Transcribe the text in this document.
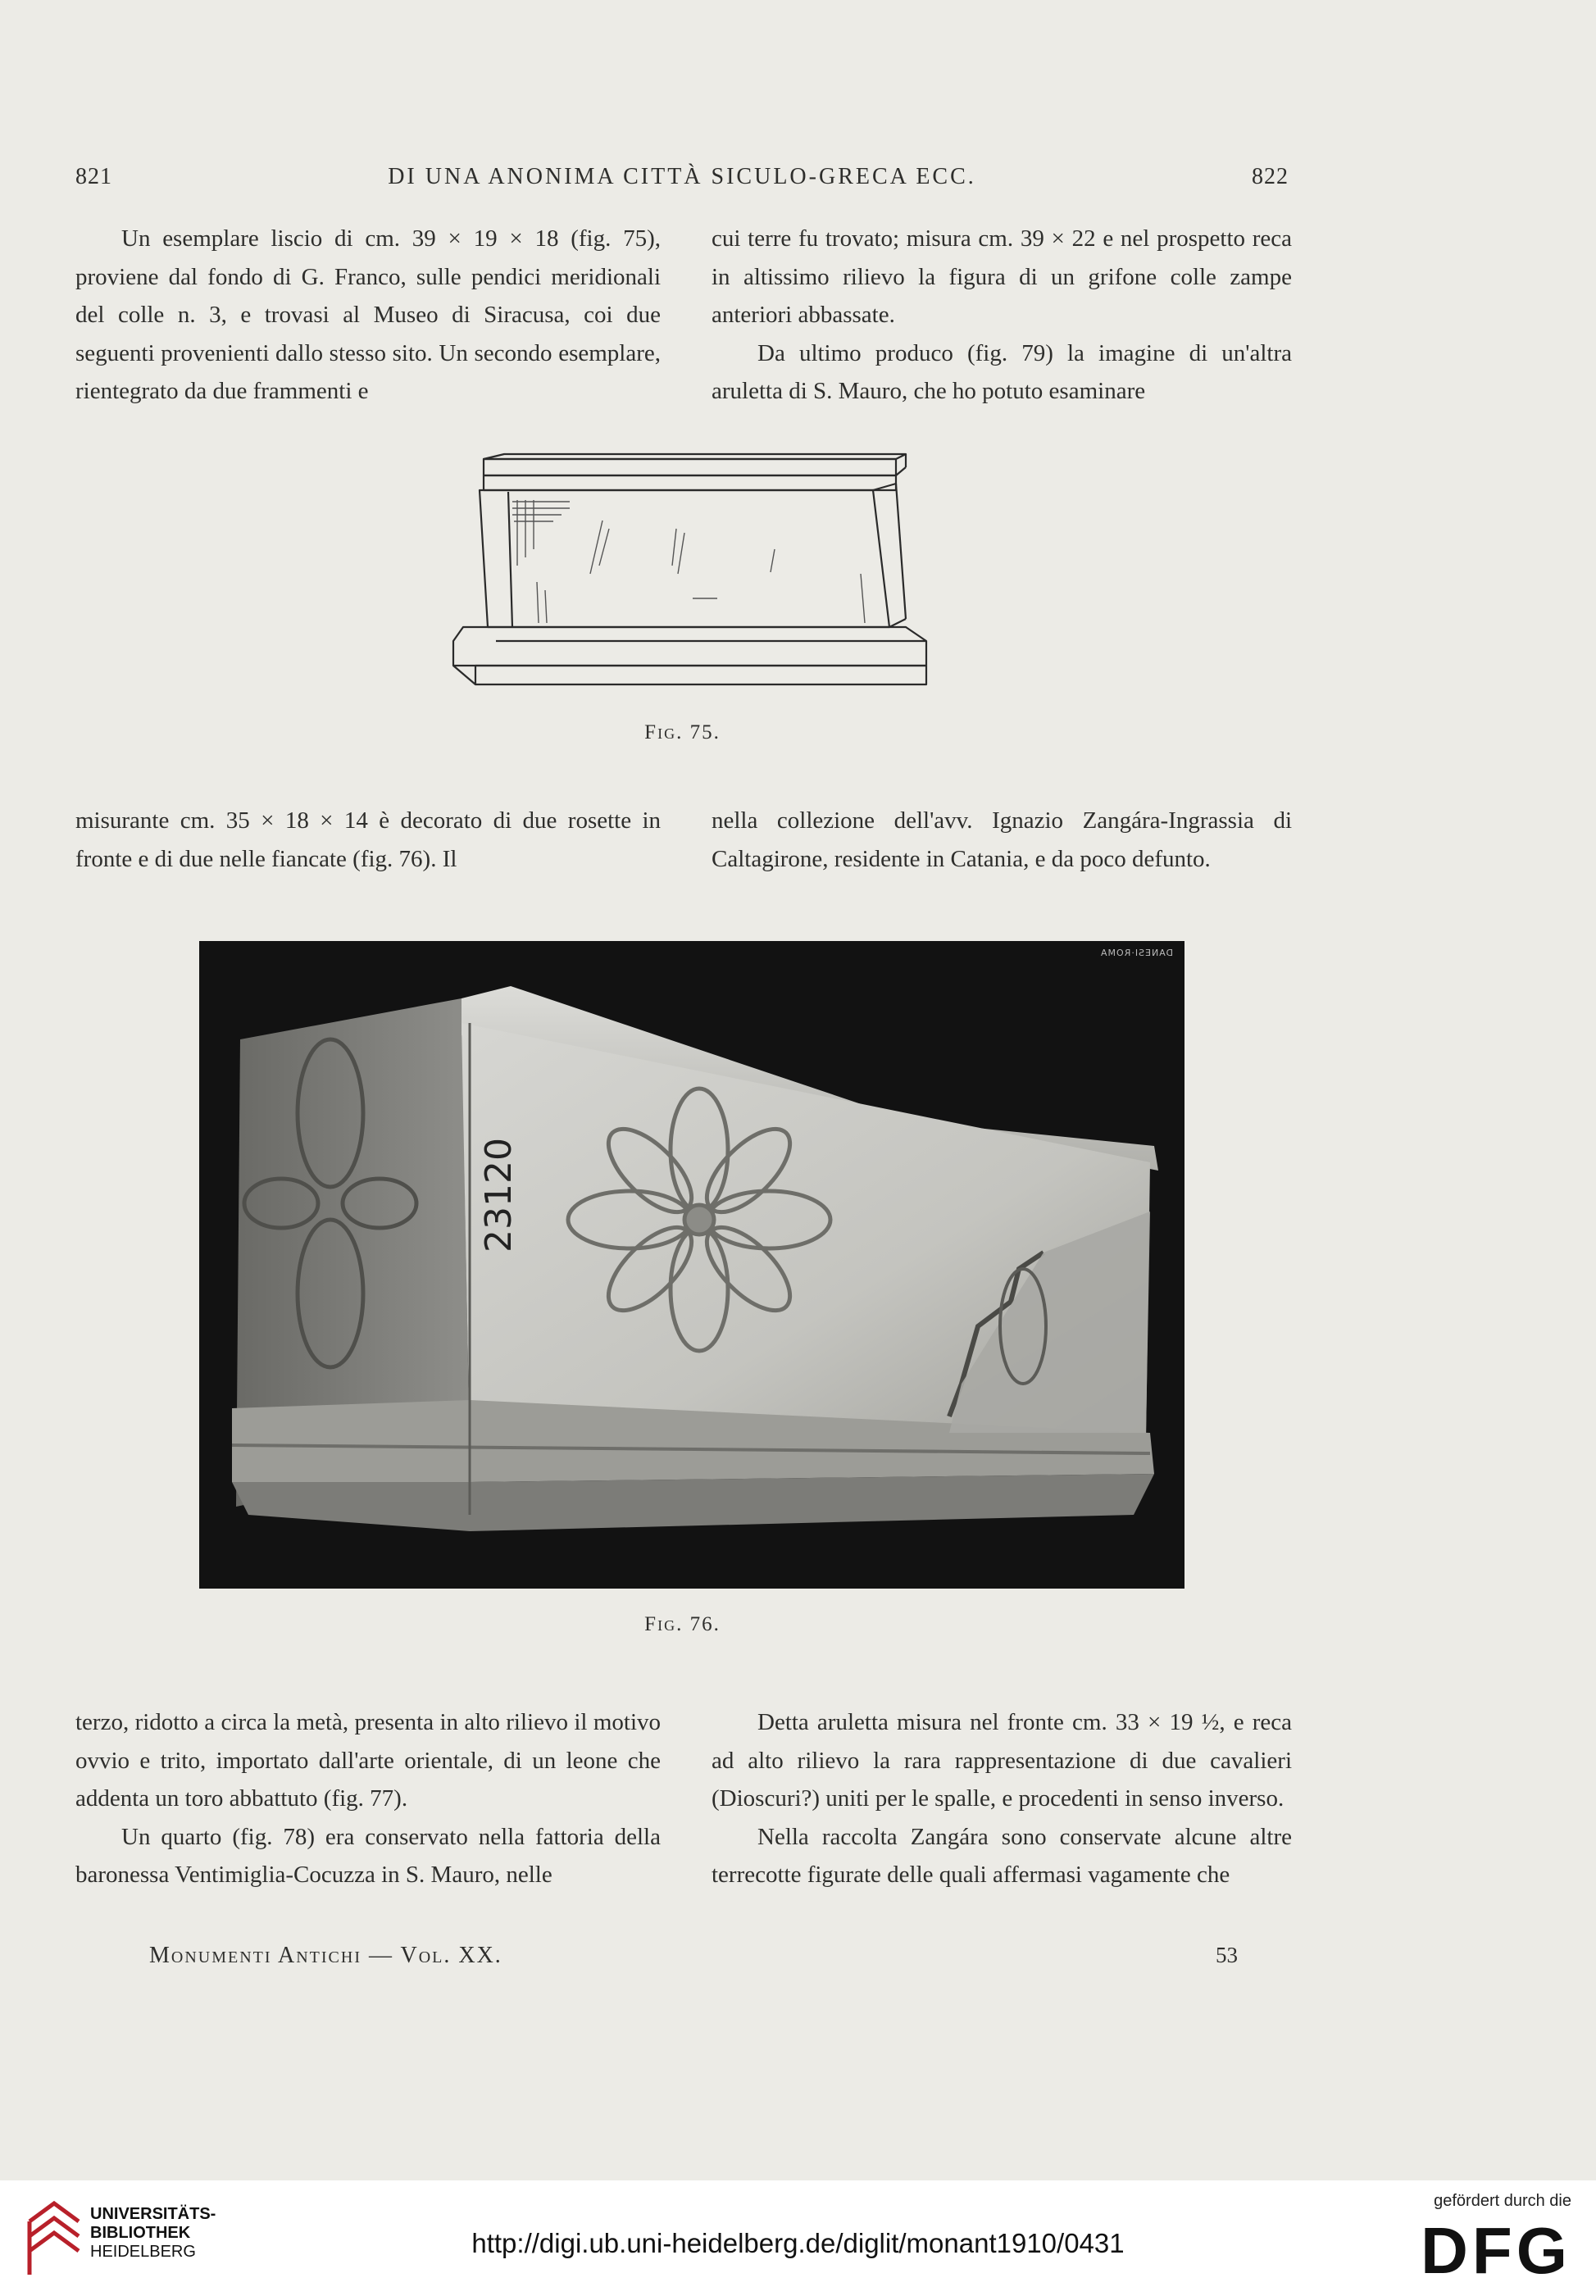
821	DI UNA ANONIMA CITTÀ SICULO-GRECA ECC.	822

Un esemplare liscio di cm. 39 × 19 × 18 (fig. 75), proviene dal fondo di G. Franco, sulle pendici meridionali del colle n. 3, e trovasi al Museo di Siracusa, coi due seguenti provenienti dallo stesso sito. Un secondo esemplare, rientegrato da due frammenti e

cui terre fu trovato; misura cm. 39 × 22 e nel prospetto reca in altissimo rilievo la figura di un grifone colle zampe anteriori abbassate.

Da ultimo produco (fig. 79) la imagine di un'altra aruletta di S. Mauro, che ho potuto esaminare

Fig. 75.

misurante cm. 35 × 18 × 14 è decorato di due rosette in fronte e di due nelle fiancate (fig. 76). Il

nella collezione dell'avv. Ignazio Zangára-Ingrassia di Caltagirone, residente in Catania, e da poco defunto.

23120
DANESI·ROMA
Fig. 76.

terzo, ridotto a circa la metà, presenta in alto rilievo il motivo ovvio e trito, importato dall'arte orientale, di un leone che addenta un toro abbattuto (fig. 77).

Un quarto (fig. 78) era conservato nella fattoria della baronessa Ventimiglia-Cocuzza in S. Mauro, nelle

Detta aruletta misura nel fronte cm. 33 × 19 ½, e reca ad alto rilievo la rara rappresentazione di due cavalieri (Dioscuri?) uniti per le spalle, e procedenti in senso inverso.

Nella raccolta Zangára sono conservate alcune altre terrecotte figurate delle quali affermasi vagamente che

Monumenti Antichi — Vol. XX.	53
UNIVERSITÄTS-
BIBLIOTHEK
HEIDELBERG	http://digi.ub.uni-heidelberg.de/diglit/monant1910/0431
gefördert durch die
DFG
